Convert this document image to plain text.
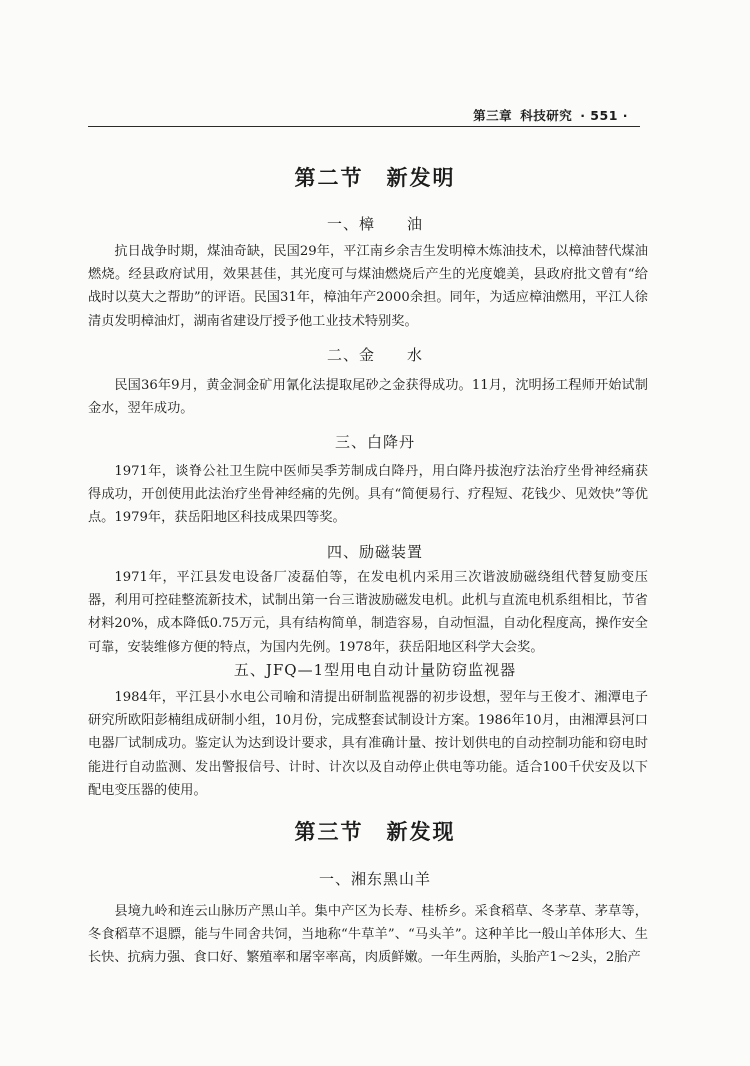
第三章 科技研究 · 551 ·
第二节　新发明
一、樟　　油
抗日战争时期，煤油奇缺，民国29年，平江南乡余吉生发明樟木炼油技术，以樟油替代煤油燃烧。经县政府试用，效果甚佳，其光度可与煤油燃烧后产生的光度媲美，县政府批文曾有“给战时以莫大之帮助”的评语。民国31年，樟油年产2000余担。同年，为适应樟油燃用，平江人徐清贞发明樟油灯，湖南省建设厅授予他工业技术特别奖。
二、金　　水
民国36年9月，黄金洞金矿用氰化法提取尾砂之金获得成功。11月，沈明扬工程师开始试制金水，翌年成功。
三、白降丹
1971年，谈脊公社卫生院中医师吴季芳制成白降丹，用白降丹拔泡疗法治疗坐骨神经痛获得成功，开创使用此法治疗坐骨神经痛的先例。具有“简便易行、疗程短、花钱少、见效快”等优点。1979年，获岳阳地区科技成果四等奖。
四、励磁装置
1971年，平江县发电设备厂凌磊伯等，在发电机内采用三次谐波励磁绕组代替复励变压器，利用可控硅整流新技术，试制出第一台三谐波励磁发电机。此机与直流电机系组相比，节省材料20%，成本降低0.75万元，具有结构简单，制造容易，自动恒温，自动化程度高，操作安全可靠，安装维修方便的特点，为国内先例。1978年，获岳阳地区科学大会奖。
五、JFQ—1型用电自动计量防窃监视器
1984年，平江县小水电公司喻和清提出研制监视器的初步设想，翌年与王俊才、湘潭电子研究所欧阳彭楠组成研制小组，10月份，完成整套试制设计方案。1986年10月，由湘潭县河口电器厂试制成功。鉴定认为达到设计要求，具有准确计量、按计划供电的自动控制功能和窃电时能进行自动监测、发出警报信号、计时、计次以及自动停止供电等功能。适合100千伏安及以下配电变压器的使用。
第三节　新发现
一、湘东黑山羊
县境九岭和连云山脉历产黑山羊。集中产区为长寿、桂桥乡。采食稻草、冬茅草、茅草等，冬食稻草不退膘，能与牛同舍共饲，当地称“牛草羊”、“马头羊”。这种羊比一般山羊体形大、生长快、抗病力强、食口好、繁殖率和屠宰率高，肉质鲜嫩。一年生两胎，头胎产1～2头，2胎产
